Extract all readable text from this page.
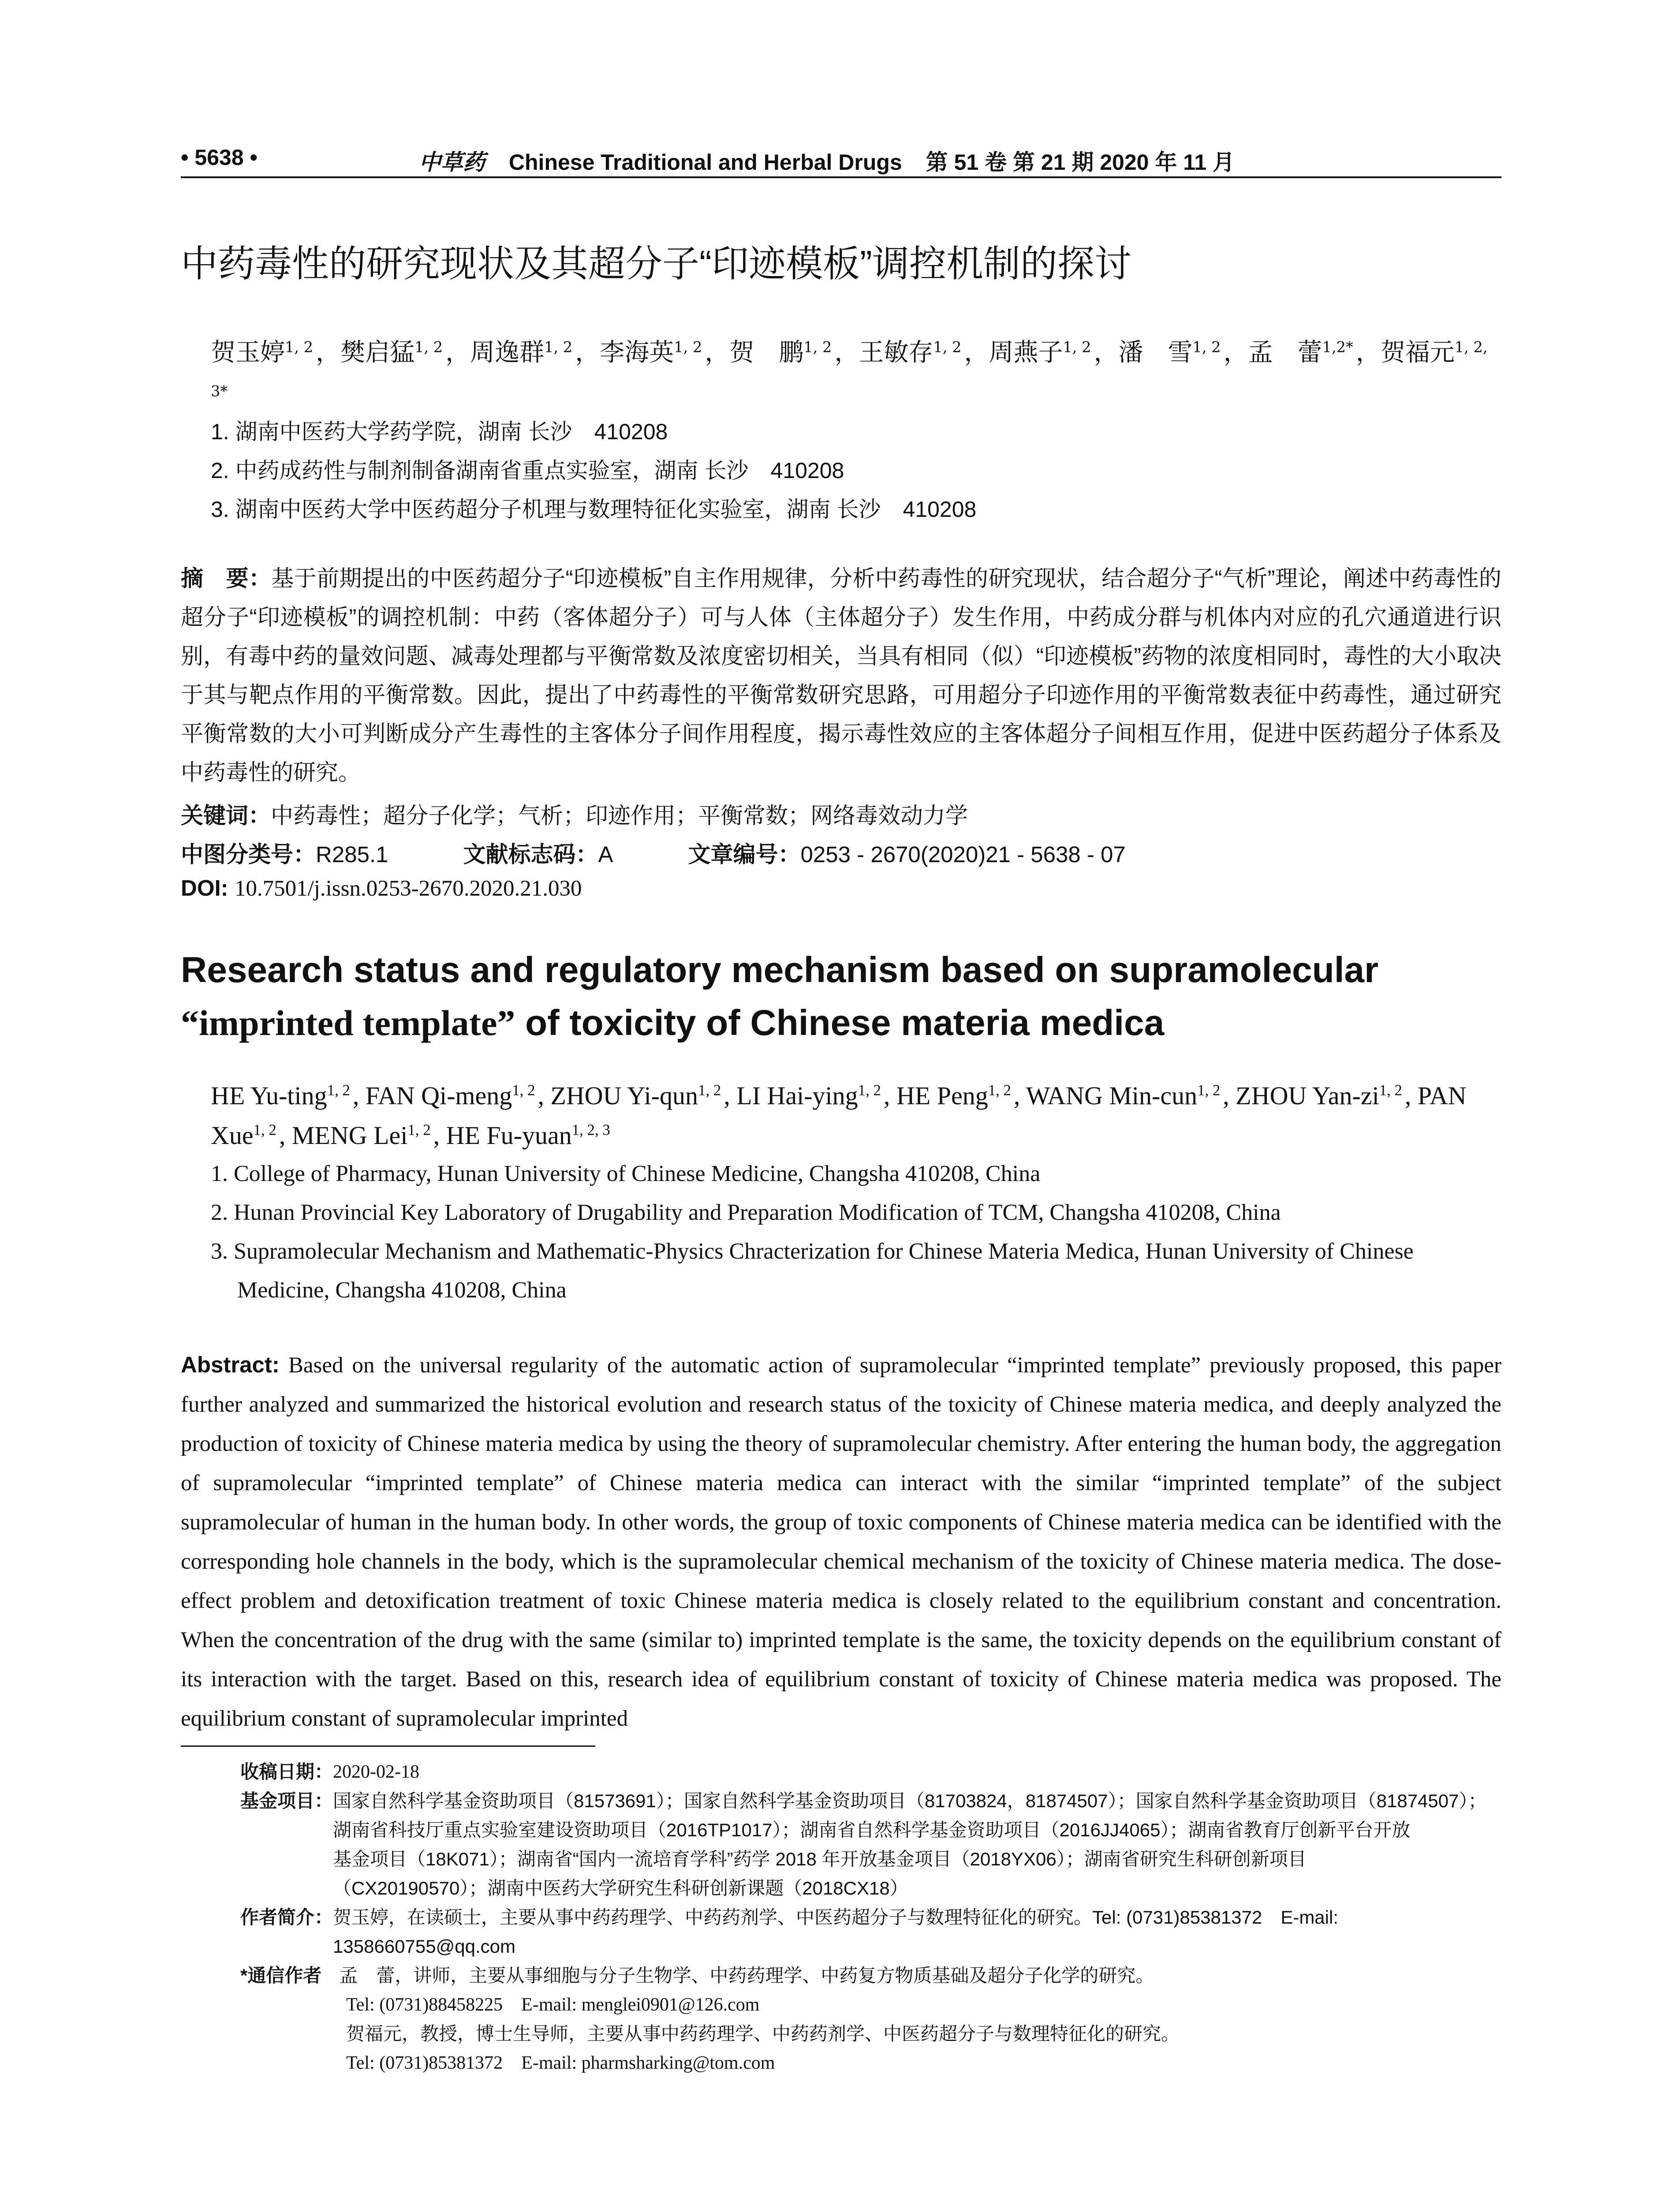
• 5638 •	中草药 Chinese Traditional and Herbal Drugs 第 51 卷 第 21 期 2020 年 11 月
中药毒性的研究现状及其超分子“印迹模板”调控机制的探讨
贺玉婷$^{1, 2}$ ，樊启猛$^{1, 2}$ ，周逸群$^{1, 2}$ ，李海英$^{1, 2}$ ，贺　鹏$^{1, 2}$ ，王敏存$^{1, 2}$ ，周燕子$^{1, 2}$ ，潘　雪$^{1, 2}$ ，孟　蕾$^{1,2*}$ ，贺福元$^{1, 2, 3*}$
1. 湖南中医药大学药学院，湖南 长沙　410208
2. 中药成药性与制剂制备湖南省重点实验室，湖南 长沙　410208
3. 湖南中医药大学中医药超分子机理与数理特征化实验室，湖南 长沙　410208
摘　要：基于前期提出的中医药超分子“印迹模板”自主作用规律，分析中药毒性的研究现状，结合超分子“气析”理论，阐述中药毒性的超分子“印迹模板”的调控机制：中药（客体超分子）可与人体（主体超分子）发生作用，中药成分群与机体内对应的孔穴通道进行识别，有毒中药的量效问题、减毒处理都与平衡常数及浓度密切相关，当具有相同（似）“印迹模板”药物的浓度相同时，毒性的大小取决于其与靶点作用的平衡常数。因此，提出了中药毒性的平衡常数研究思路，可用超分子印迹作用的平衡常数表征中药毒性，通过研究平衡常数的大小可判断成分产生毒性的主客体分子间作用程度，揭示毒性效应的主客体超分子间相互作用，促进中医药超分子体系及中药毒性的研究。
关键词：中药毒性；超分子化学；气析；印迹作用；平衡常数；网络毒效动力学
中图分类号：R285.1	文献标志码：A	文章编号：0253 - 2670(2020)21 - 5638 - 07
DOI: 10.7501/j.issn.0253-2670.2020.21.030
Research status and regulatory mechanism based on supramolecular “imprinted template” of toxicity of Chinese materia medica
HE Yu-ting$^{1, 2}$ , FAN Qi-meng$^{1, 2}$ , ZHOU Yi-qun$^{1, 2}$ , LI Hai-ying$^{1, 2}$ , HE Peng$^{1, 2}$ , WANG Min-cun$^{1, 2}$ , ZHOU Yan-zi$^{1, 2}$ , PAN Xue$^{1, 2}$ , MENG Lei$^{1, 2}$ , HE Fu-yuan$^{1, 2, 3}$
1. College of Pharmacy, Hunan University of Chinese Medicine, Changsha 410208, China
2. Hunan Provincial Key Laboratory of Drugability and Preparation Modification of TCM, Changsha 410208, China
3. Supramolecular Mechanism and Mathematic-Physics Chracterization for Chinese Materia Medica, Hunan University of Chinese Medicine, Changsha 410208, China
Abstract: Based on the universal regularity of the automatic action of supramolecular “imprinted template” previously proposed, this paper further analyzed and summarized the historical evolution and research status of the toxicity of Chinese materia medica, and deeply analyzed the production of toxicity of Chinese materia medica by using the theory of supramolecular chemistry. After entering the human body, the aggregation of supramolecular “imprinted template” of Chinese materia medica can interact with the similar “imprinted template” of the subject supramolecular of human in the human body. In other words, the group of toxic components of Chinese materia medica can be identified with the corresponding hole channels in the body, which is the supramolecular chemical mechanism of the toxicity of Chinese materia medica. The dose-effect problem and detoxification treatment of toxic Chinese materia medica is closely related to the equilibrium constant and concentration. When the concentration of the drug with the same (similar to) imprinted template is the same, the toxicity depends on the equilibrium constant of its interaction with the target. Based on this, research idea of equilibrium constant of toxicity of Chinese materia medica was proposed. The equilibrium constant of supramolecular imprinted
收稿日期： 2020-02-18
基金项目： 国家自然科学基金资助项目（81573691）；国家自然科学基金资助项目（81703824，81874507）；国家自然科学基金资助项目（81874507）；
湖南省科技厅重点实验室建设资助项目（2016TP1017）；湖南省自然科学基金资助项目（2016JJ4065）；湖南省教育厅创新平台开放
基金项目（18K071）；湖南省“国内一流培育学科”药学 2018 年开放基金项目（2018YX06）；湖南省研究生科研创新项目
（CX20190570）；湖南中医药大学研究生科研创新课题（2018CX18）
作者简介： 贺玉婷，在读硕士，主要从事中药药理学、中药药剂学、中医药超分子与数理特征化的研究。Tel: (0731)85381372　E-mail: 1358660755@qq.com
*通信作者 孟　蕾，讲师，主要从事细胞与分子生物学、中药药理学、中药复方物质基础及超分子化学的研究。
Tel: (0731)88458225　E-mail: menglei0901@126.com
贺福元，教授，博士生导师，主要从事中药药理学、中药药剂学、中医药超分子与数理特征化的研究。
Tel: (0731)85381372　E-mail: pharmsharking@tom.com
